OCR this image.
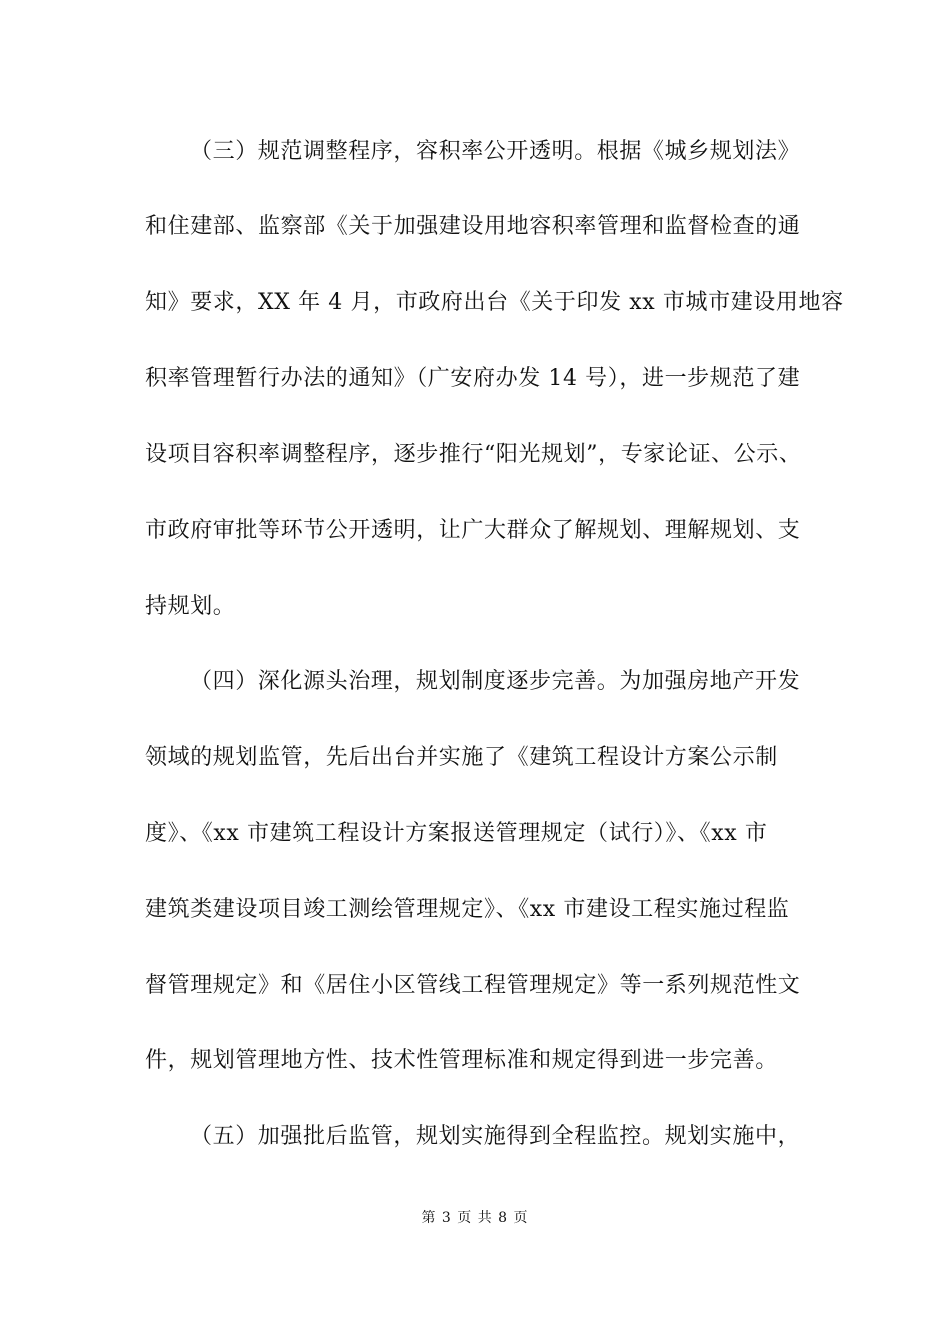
（三）规范调整程序，容积率公开透明。根据《城乡规划法》
和住建部、监察部《关于加强建设用地容积率管理和监督检查的通
知》要求，XX 年 4 月，市政府出台《关于印发 xx 市城市建设用地容
积率管理暂行办法的通知》（广安府办发 14 号），进一步规范了建
设项目容积率调整程序，逐步推行“阳光规划”，专家论证、公示、
市政府审批等环节公开透明，让广大群众了解规划、理解规划、支
持规划。
（四）深化源头治理，规划制度逐步完善。为加强房地产开发
领域的规划监管，先后出台并实施了《建筑工程设计方案公示制
度》、《xx 市建筑工程设计方案报送管理规定（试行）》、《xx 市
建筑类建设项目竣工测绘管理规定》、《xx 市建设工程实施过程监
督管理规定》和《居住小区管线工程管理规定》等一系列规范性文
件，规划管理地方性、技术性管理标准和规定得到进一步完善。
（五）加强批后监管，规划实施得到全程监控。规划实施中，
第 3 页 共 8 页
